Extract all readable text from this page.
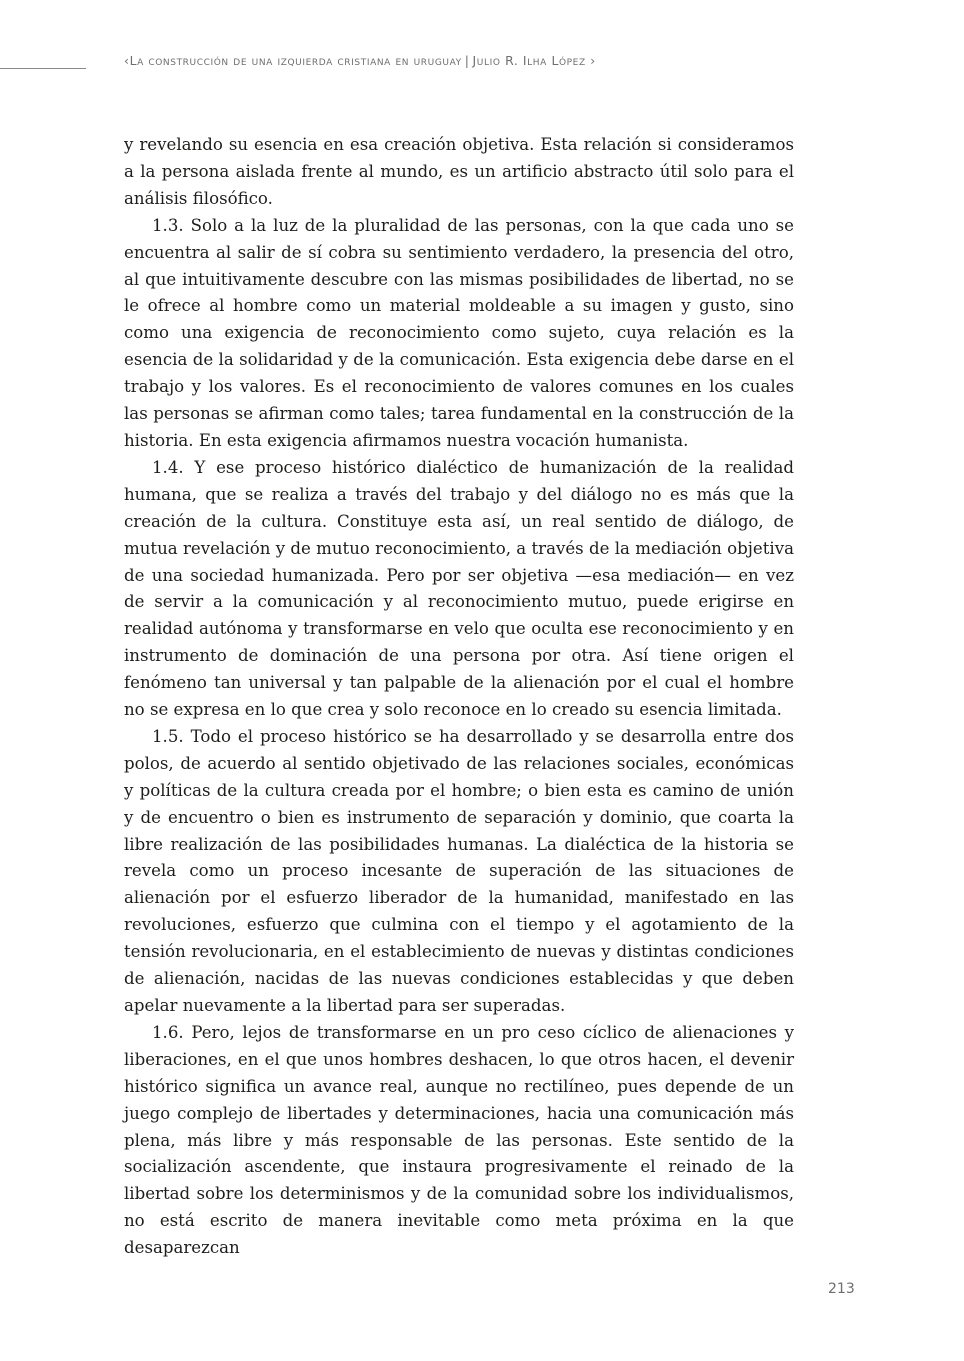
‹La construcción de una izquierda cristiana en uruguay | Julio R. Ilha López ›

y revelando su esencia en esa creación objetiva. Esta relación si consideramos a la persona aislada frente al mundo, es un artificio abstracto útil solo para el análisis filosófico.

1.3. Solo a la luz de la pluralidad de las personas, con la que cada uno se encuentra al salir de sí cobra su sentimiento verdadero, la presencia del otro, al que intuitivamente descubre con las mismas posibilidades de libertad, no se le ofrece al hombre como un material moldeable a su imagen y gusto, sino como una exigencia de reconocimiento como sujeto, cuya relación es la esencia de la solidaridad y de la comunicación. Esta exigencia debe darse en el trabajo y los valores. Es el reconocimiento de valores comunes en los cuales las personas se afirman como tales; tarea fundamental en la construcción de la historia. En esta exigencia afirmamos nuestra vocación humanista.

1.4. Y ese proceso histórico dialéctico de humanización de la realidad humana, que se realiza a través del trabajo y del diálogo no es más que la creación de la cultura. Constituye esta así, un real sentido de diálogo, de mutua revelación y de mutuo reconocimiento, a través de la mediación objetiva de una sociedad humanizada. Pero por ser objetiva —esa mediación— en vez de servir a la comunicación y al reconocimiento mutuo, puede erigirse en realidad autónoma y transformarse en velo que oculta ese reconocimiento y en instrumento de dominación de una persona por otra. Así tiene origen el fenómeno tan universal y tan palpable de la alienación por el cual el hombre no se expresa en lo que crea y solo reconoce en lo creado su esencia limitada.

1.5. Todo el proceso histórico se ha desarrollado y se desarrolla entre dos polos, de acuerdo al sentido objetivado de las relaciones sociales, económicas y políticas de la cultura creada por el hombre; o bien esta es camino de unión y de encuentro o bien es instrumento de separación y dominio, que coarta la libre realización de las posibilidades humanas. La dialéctica de la historia se revela como un proceso incesante de superación de las situaciones de alienación por el esfuerzo liberador de la humanidad, manifestado en las revoluciones, esfuerzo que culmina con el tiempo y el agotamiento de la tensión revolucionaria, en el establecimiento de nuevas y distintas condiciones de alienación, nacidas de las nuevas condiciones establecidas y que deben apelar nuevamente a la libertad para ser superadas.

1.6. Pero, lejos de transformarse en un pro ceso cíclico de alienaciones y liberaciones, en el que unos hombres deshacen, lo que otros hacen, el devenir histórico significa un avance real, aunque no rectilíneo, pues depende de un juego complejo de libertades y determinaciones, hacia una comunicación más plena, más libre y más responsable de las personas. Este sentido de la socialización ascendente, que instaura progresivamente el reinado de la libertad sobre los determinismos y de la comunidad sobre los individualismos, no está escrito de manera inevitable como meta próxima en la que desaparezcan

213
